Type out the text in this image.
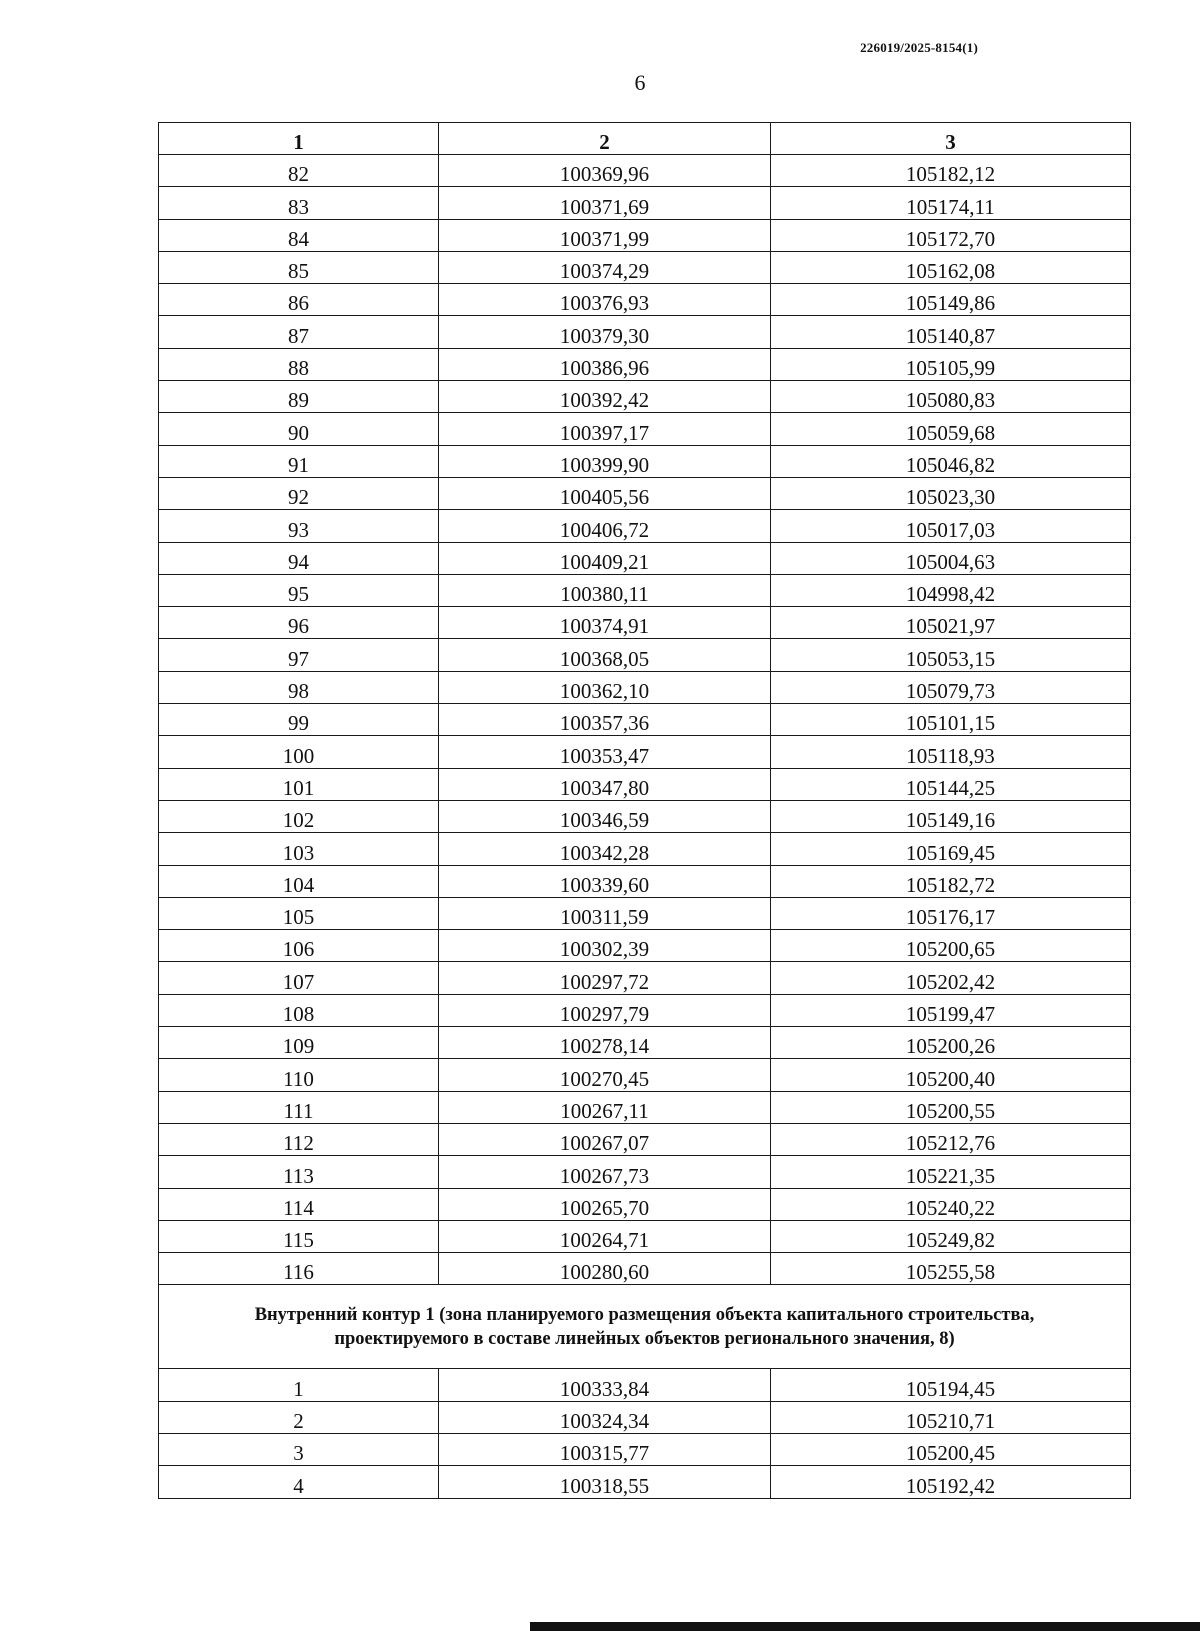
226019/2025-8154(1)
6
1	2	3
82	100369,96	105182,12
83	100371,69	105174,11
84	100371,99	105172,70
85	100374,29	105162,08
86	100376,93	105149,86
87	100379,30	105140,87
88	100386,96	105105,99
89	100392,42	105080,83
90	100397,17	105059,68
91	100399,90	105046,82
92	100405,56	105023,30
93	100406,72	105017,03
94	100409,21	105004,63
95	100380,11	104998,42
96	100374,91	105021,97
97	100368,05	105053,15
98	100362,10	105079,73
99	100357,36	105101,15
100	100353,47	105118,93
101	100347,80	105144,25
102	100346,59	105149,16
103	100342,28	105169,45
104	100339,60	105182,72
105	100311,59	105176,17
106	100302,39	105200,65
107	100297,72	105202,42
108	100297,79	105199,47
109	100278,14	105200,26
110	100270,45	105200,40
111	100267,11	105200,55
112	100267,07	105212,76
113	100267,73	105221,35
114	100265,70	105240,22
115	100264,71	105249,82
116	100280,60	105255,58
Внутренний контур 1 (зона планируемого размещения объекта капитального строительства, проектируемого в составе линейных объектов регионального значения, 8)		
1	100333,84	105194,45
2	100324,34	105210,71
3	100315,77	105200,45
4	100318,55	105192,42
